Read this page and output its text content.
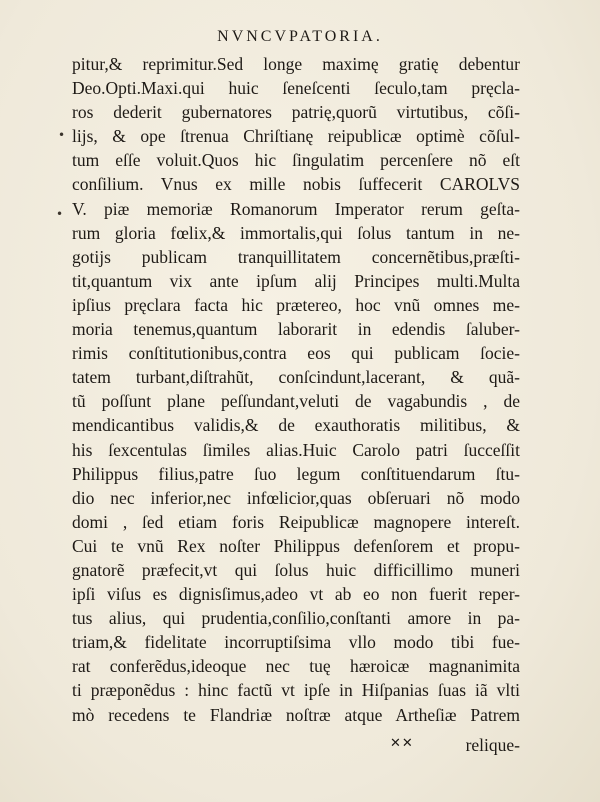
NVNCVPATORIA.
•
•
pitur,& reprimitur.Sed longe maximę gratię debentur
Deo.Opti.Maxi.qui huic ſeneſcenti ſeculo,tam pręcla-
ros dederit gubernatores patrię,quorũ virtutibus, cõſi-
lijs, & ope ſtrenua Chriſtianę reipublicæ optimè cõſul-
tum eſſe voluit.Quos hic ſingulatim percenſere nõ eſt
conſilium. Vnus ex mille nobis ſuffecerit CAROLVS
V. piæ memoriæ Romanorum Imperator rerum geſta-
rum gloria fœlix,& immortalis,qui ſolus tantum in ne-
gotijs publicam tranquillitatem concernẽtibus,præſti-
tit,quantum vix ante ipſum alij Principes multi.Multa
ipſius pręclara facta hic prætereo, hoc vnũ omnes me-
moria tenemus,quantum laborarit in edendis ſaluber-
rimis conſtitutionibus,contra eos qui publicam ſocie-
tatem turbant,diſtrahũt, conſcindunt,lacerant, & quã-
tũ poſſunt plane peſſundant,veluti de vagabundis , de
mendicantibus validis,& de exauthoratis militibus, &
his ſexcentulas ſimiles alias.Huic Carolo patri ſucceſſit
Philippus filius,patre ſuo legum conſtituendarum ſtu-
dio nec inferior,nec infœlicior,quas obſeruari nõ modo
domi , ſed etiam foris Reipublicæ magnopere intereſt.
Cui te vnũ Rex noſter Philippus defenſorem et propu-
gnatorẽ præfecit,vt qui ſolus huic difficillimo muneri
ipſi viſus es dignisſimus,adeo vt ab eo non fuerit reper-
tus alius, qui prudentia,conſilio,conſtanti amore in pa-
triam,& fidelitate incorruptiſsima vllo modo tibi fue-
rat conferẽdus,ideoque nec tuę hæroicæ magnanimita
ti præponẽdus : hinc factũ vt ipſe in Hiſpanias ſuas iã vlti
mò recedens te Flandriæ noſtræ atque Artheſiæ Patrem
✕✕	relique-
